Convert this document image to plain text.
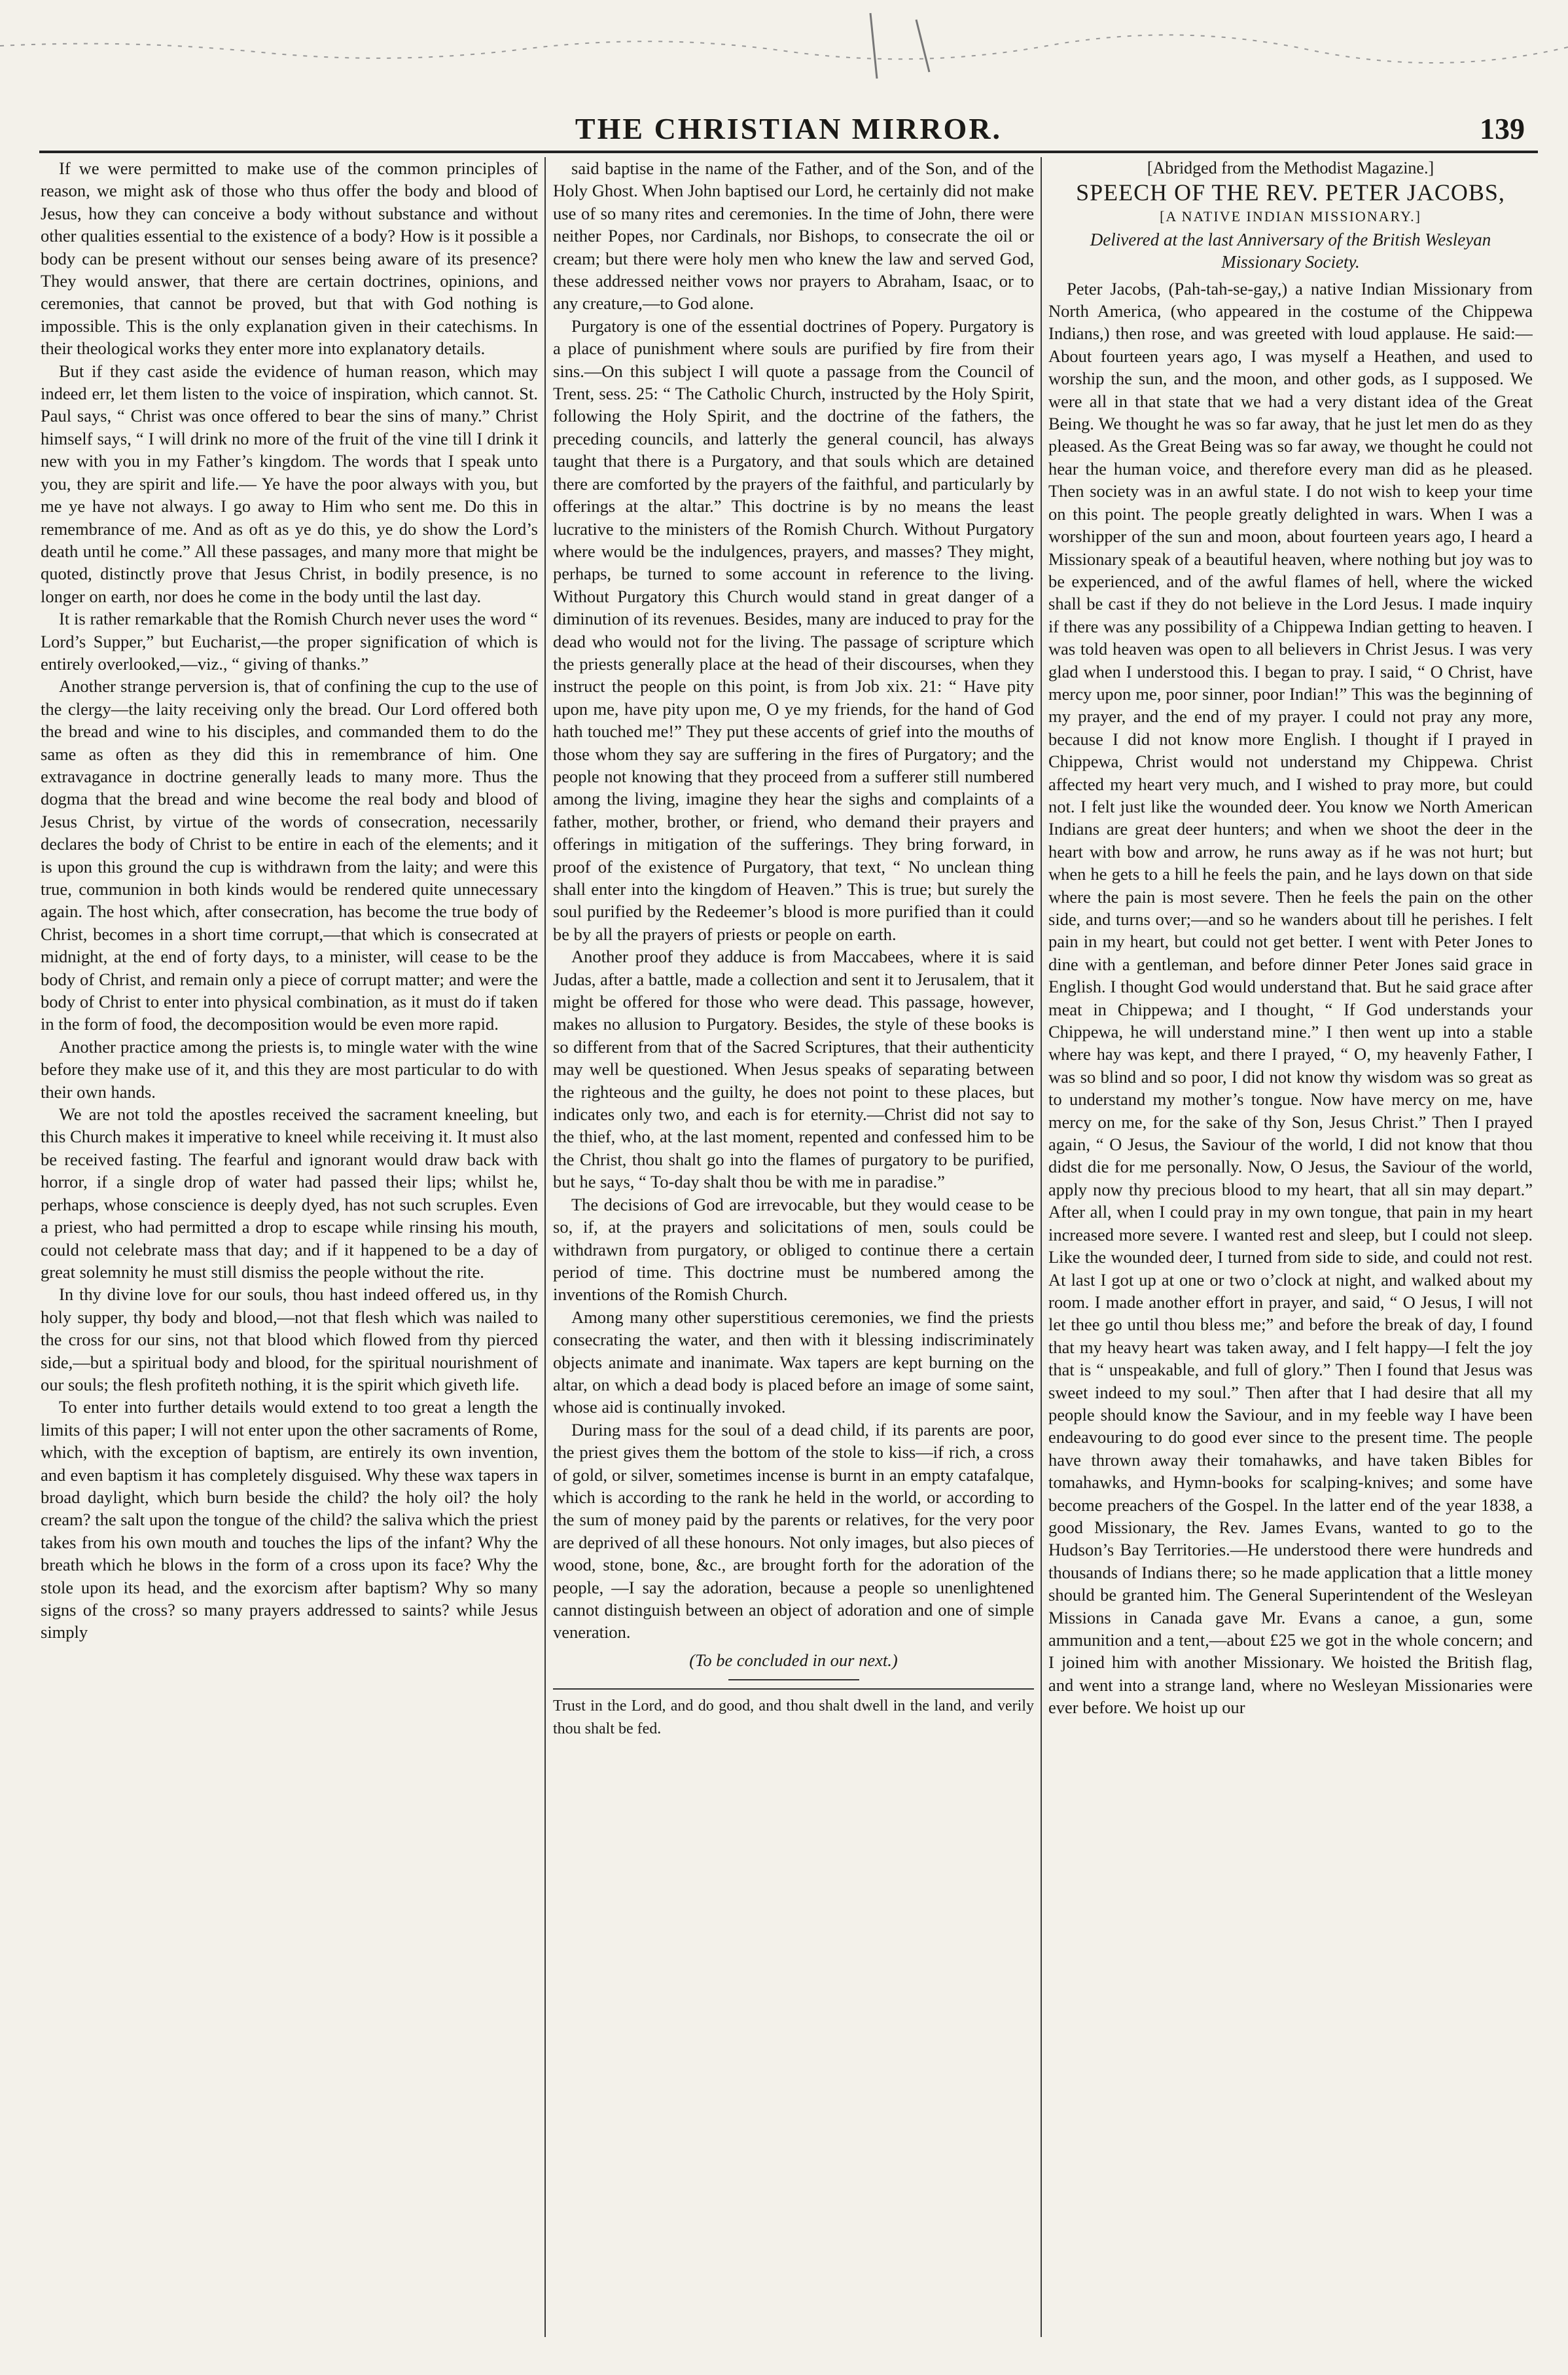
THE CHRISTIAN MIRROR.	139

If we were permitted to make use of the common principles of reason, we might ask of those who thus offer the body and blood of Jesus, how they can conceive a body without substance and without other qualities essential to the existence of a body? How is it possible a body can be present without our senses being aware of its presence? They would answer, that there are certain doctrines, opinions, and ceremonies, that cannot be proved, but that with God nothing is impossible. This is the only explanation given in their catechisms. In their theological works they enter more into explanatory details.

But if they cast aside the evidence of human reason, which may indeed err, let them listen to the voice of inspiration, which cannot. St. Paul says, “ Christ was once offered to bear the sins of many.” Christ himself says, “ I will drink no more of the fruit of the vine till I drink it new with you in my Father’s kingdom. The words that I speak unto you, they are spirit and life.— Ye have the poor always with you, but me ye have not always. I go away to Him who sent me. Do this in remembrance of me. And as oft as ye do this, ye do show the Lord’s death until he come.” All these passages, and many more that might be quoted, distinctly prove that Jesus Christ, in bodily presence, is no longer on earth, nor does he come in the body until the last day.

It is rather remarkable that the Romish Church never uses the word “ Lord’s Supper,” but Eucharist,—the proper signification of which is entirely overlooked,—viz., “ giving of thanks.”

Another strange perversion is, that of confining the cup to the use of the clergy—the laity receiving only the bread. Our Lord offered both the bread and wine to his disciples, and commanded them to do the same as often as they did this in remembrance of him. One extravagance in doctrine generally leads to many more. Thus the dogma that the bread and wine become the real body and blood of Jesus Christ, by virtue of the words of consecration, necessarily declares the body of Christ to be entire in each of the elements; and it is upon this ground the cup is withdrawn from the laity; and were this true, communion in both kinds would be rendered quite unnecessary again. The host which, after consecration, has become the true body of Christ, becomes in a short time corrupt,—that which is consecrated at midnight, at the end of forty days, to a minister, will cease to be the body of Christ, and remain only a piece of corrupt matter; and were the body of Christ to enter into physical combination, as it must do if taken in the form of food, the decomposition would be even more rapid.

Another practice among the priests is, to mingle water with the wine before they make use of it, and this they are most particular to do with their own hands.

We are not told the apostles received the sacrament kneeling, but this Church makes it imperative to kneel while receiving it. It must also be received fasting. The fearful and ignorant would draw back with horror, if a single drop of water had passed their lips; whilst he, perhaps, whose conscience is deeply dyed, has not such scruples. Even a priest, who had permitted a drop to escape while rinsing his mouth, could not celebrate mass that day; and if it happened to be a day of great solemnity he must still dismiss the people without the rite.

In thy divine love for our souls, thou hast indeed offered us, in thy holy supper, thy body and blood,—not that flesh which was nailed to the cross for our sins, not that blood which flowed from thy pierced side,—but a spiritual body and blood, for the spiritual nourishment of our souls; the flesh profiteth nothing, it is the spirit which giveth life.

To enter into further details would extend to too great a length the limits of this paper; I will not enter upon the other sacraments of Rome, which, with the exception of baptism, are entirely its own invention, and even baptism it has completely disguised. Why these wax tapers in broad daylight, which burn beside the child? the holy oil? the holy cream? the salt upon the tongue of the child? the saliva which the priest takes from his own mouth and touches the lips of the infant? Why the breath which he blows in the form of a cross upon its face? Why the stole upon its head, and the exorcism after baptism? Why so many signs of the cross? so many prayers addressed to saints? while Jesus simply

said baptise in the name of the Father, and of the Son, and of the Holy Ghost. When John baptised our Lord, he certainly did not make use of so many rites and ceremonies. In the time of John, there were neither Popes, nor Cardinals, nor Bishops, to consecrate the oil or cream; but there were holy men who knew the law and served God, these addressed neither vows nor prayers to Abraham, Isaac, or to any creature,—to God alone.

Purgatory is one of the essential doctrines of Popery. Purgatory is a place of punishment where souls are purified by fire from their sins.—On this subject I will quote a passage from the Council of Trent, sess. 25: “ The Catholic Church, instructed by the Holy Spirit, following the Holy Spirit, and the doctrine of the fathers, the preceding councils, and latterly the general council, has always taught that there is a Purgatory, and that souls which are detained there are comforted by the prayers of the faithful, and particularly by offerings at the altar.” This doctrine is by no means the least lucrative to the ministers of the Romish Church. Without Purgatory where would be the indulgences, prayers, and masses? They might, perhaps, be turned to some account in reference to the living. Without Purgatory this Church would stand in great danger of a diminution of its revenues. Besides, many are induced to pray for the dead who would not for the living. The passage of scripture which the priests generally place at the head of their discourses, when they instruct the people on this point, is from Job xix. 21: “ Have pity upon me, have pity upon me, O ye my friends, for the hand of God hath touched me!” They put these accents of grief into the mouths of those whom they say are suffering in the fires of Purgatory; and the people not knowing that they proceed from a sufferer still numbered among the living, imagine they hear the sighs and complaints of a father, mother, brother, or friend, who demand their prayers and offerings in mitigation of the sufferings. They bring forward, in proof of the existence of Purgatory, that text, “ No unclean thing shall enter into the kingdom of Heaven.” This is true; but surely the soul purified by the Redeemer’s blood is more purified than it could be by all the prayers of priests or people on earth.

Another proof they adduce is from Maccabees, where it is said Judas, after a battle, made a collection and sent it to Jerusalem, that it might be offered for those who were dead. This passage, however, makes no allusion to Purgatory. Besides, the style of these books is so different from that of the Sacred Scriptures, that their authenticity may well be questioned. When Jesus speaks of separating between the righteous and the guilty, he does not point to these places, but indicates only two, and each is for eternity.—Christ did not say to the thief, who, at the last moment, repented and confessed him to be the Christ, thou shalt go into the flames of purgatory to be purified, but he says, “ To-day shalt thou be with me in paradise.”

The decisions of God are irrevocable, but they would cease to be so, if, at the prayers and solicitations of men, souls could be withdrawn from purgatory, or obliged to continue there a certain period of time. This doctrine must be numbered among the inventions of the Romish Church.

Among many other superstitious ceremonies, we find the priests consecrating the water, and then with it blessing indiscriminately objects animate and inanimate. Wax tapers are kept burning on the altar, on which a dead body is placed before an image of some saint, whose aid is continually invoked.

During mass for the soul of a dead child, if its parents are poor, the priest gives them the bottom of the stole to kiss—if rich, a cross of gold, or silver, sometimes incense is burnt in an empty catafalque, which is according to the rank he held in the world, or according to the sum of money paid by the parents or relatives, for the very poor are deprived of all these honours. Not only images, but also pieces of wood, stone, bone, &c., are brought forth for the adoration of the people, —I say the adoration, because a people so unenlightened cannot distinguish between an object of adoration and one of simple veneration.

(To be concluded in our next.)

Trust in the Lord, and do good, and thou shalt dwell in the land, and verily thou shalt be fed.

[Abridged from the Methodist Magazine.]

SPEECH OF THE REV. PETER JACOBS,

[A NATIVE INDIAN MISSIONARY.]

Delivered at the last Anniversary of the British Wesleyan Missionary Society.

Peter Jacobs, (Pah-tah-se-gay,) a native Indian Missionary from North America, (who appeared in the costume of the Chippewa Indians,) then rose, and was greeted with loud applause. He said:—About fourteen years ago, I was myself a Heathen, and used to worship the sun, and the moon, and other gods, as I supposed. We were all in that state that we had a very distant idea of the Great Being. We thought he was so far away, that he just let men do as they pleased. As the Great Being was so far away, we thought he could not hear the human voice, and therefore every man did as he pleased. Then society was in an awful state. I do not wish to keep your time on this point. The people greatly delighted in wars. When I was a worshipper of the sun and moon, about fourteen years ago, I heard a Missionary speak of a beautiful heaven, where nothing but joy was to be experienced, and of the awful flames of hell, where the wicked shall be cast if they do not believe in the Lord Jesus. I made inquiry if there was any possibility of a Chippewa Indian getting to heaven. I was told heaven was open to all believers in Christ Jesus. I was very glad when I understood this. I began to pray. I said, “ O Christ, have mercy upon me, poor sinner, poor Indian!” This was the beginning of my prayer, and the end of my prayer. I could not pray any more, because I did not know more English. I thought if I prayed in Chippewa, Christ would not understand my Chippewa. Christ affected my heart very much, and I wished to pray more, but could not. I felt just like the wounded deer. You know we North American Indians are great deer hunters; and when we shoot the deer in the heart with bow and arrow, he runs away as if he was not hurt; but when he gets to a hill he feels the pain, and he lays down on that side where the pain is most severe. Then he feels the pain on the other side, and turns over;—and so he wanders about till he perishes. I felt pain in my heart, but could not get better. I went with Peter Jones to dine with a gentleman, and before dinner Peter Jones said grace in English. I thought God would understand that. But he said grace after meat in Chippewa; and I thought, “ If God understands your Chippewa, he will understand mine.” I then went up into a stable where hay was kept, and there I prayed, “ O, my heavenly Father, I was so blind and so poor, I did not know thy wisdom was so great as to understand my mother’s tongue. Now have mercy on me, have mercy on me, for the sake of thy Son, Jesus Christ.” Then I prayed again, “ O Jesus, the Saviour of the world, I did not know that thou didst die for me personally. Now, O Jesus, the Saviour of the world, apply now thy precious blood to my heart, that all sin may depart.” After all, when I could pray in my own tongue, that pain in my heart increased more severe. I wanted rest and sleep, but I could not sleep. Like the wounded deer, I turned from side to side, and could not rest. At last I got up at one or two o’clock at night, and walked about my room. I made another effort in prayer, and said, “ O Jesus, I will not let thee go until thou bless me;” and before the break of day, I found that my heavy heart was taken away, and I felt happy—I felt the joy that is “ unspeakable, and full of glory.” Then I found that Jesus was sweet indeed to my soul.” Then after that I had desire that all my people should know the Saviour, and in my feeble way I have been endeavouring to do good ever since to the present time. The people have thrown away their tomahawks, and have taken Bibles for tomahawks, and Hymn-books for scalping-knives; and some have become preachers of the Gospel. In the latter end of the year 1838, a good Missionary, the Rev. James Evans, wanted to go to the Hudson’s Bay Territories.—He understood there were hundreds and thousands of Indians there; so he made application that a little money should be granted him. The General Superintendent of the Wesleyan Missions in Canada gave Mr. Evans a canoe, a gun, some ammunition and a tent,—about £25 we got in the whole concern; and I joined him with another Missionary. We hoisted the British flag, and went into a strange land, where no Wesleyan Missionaries were ever before. We hoist up our
